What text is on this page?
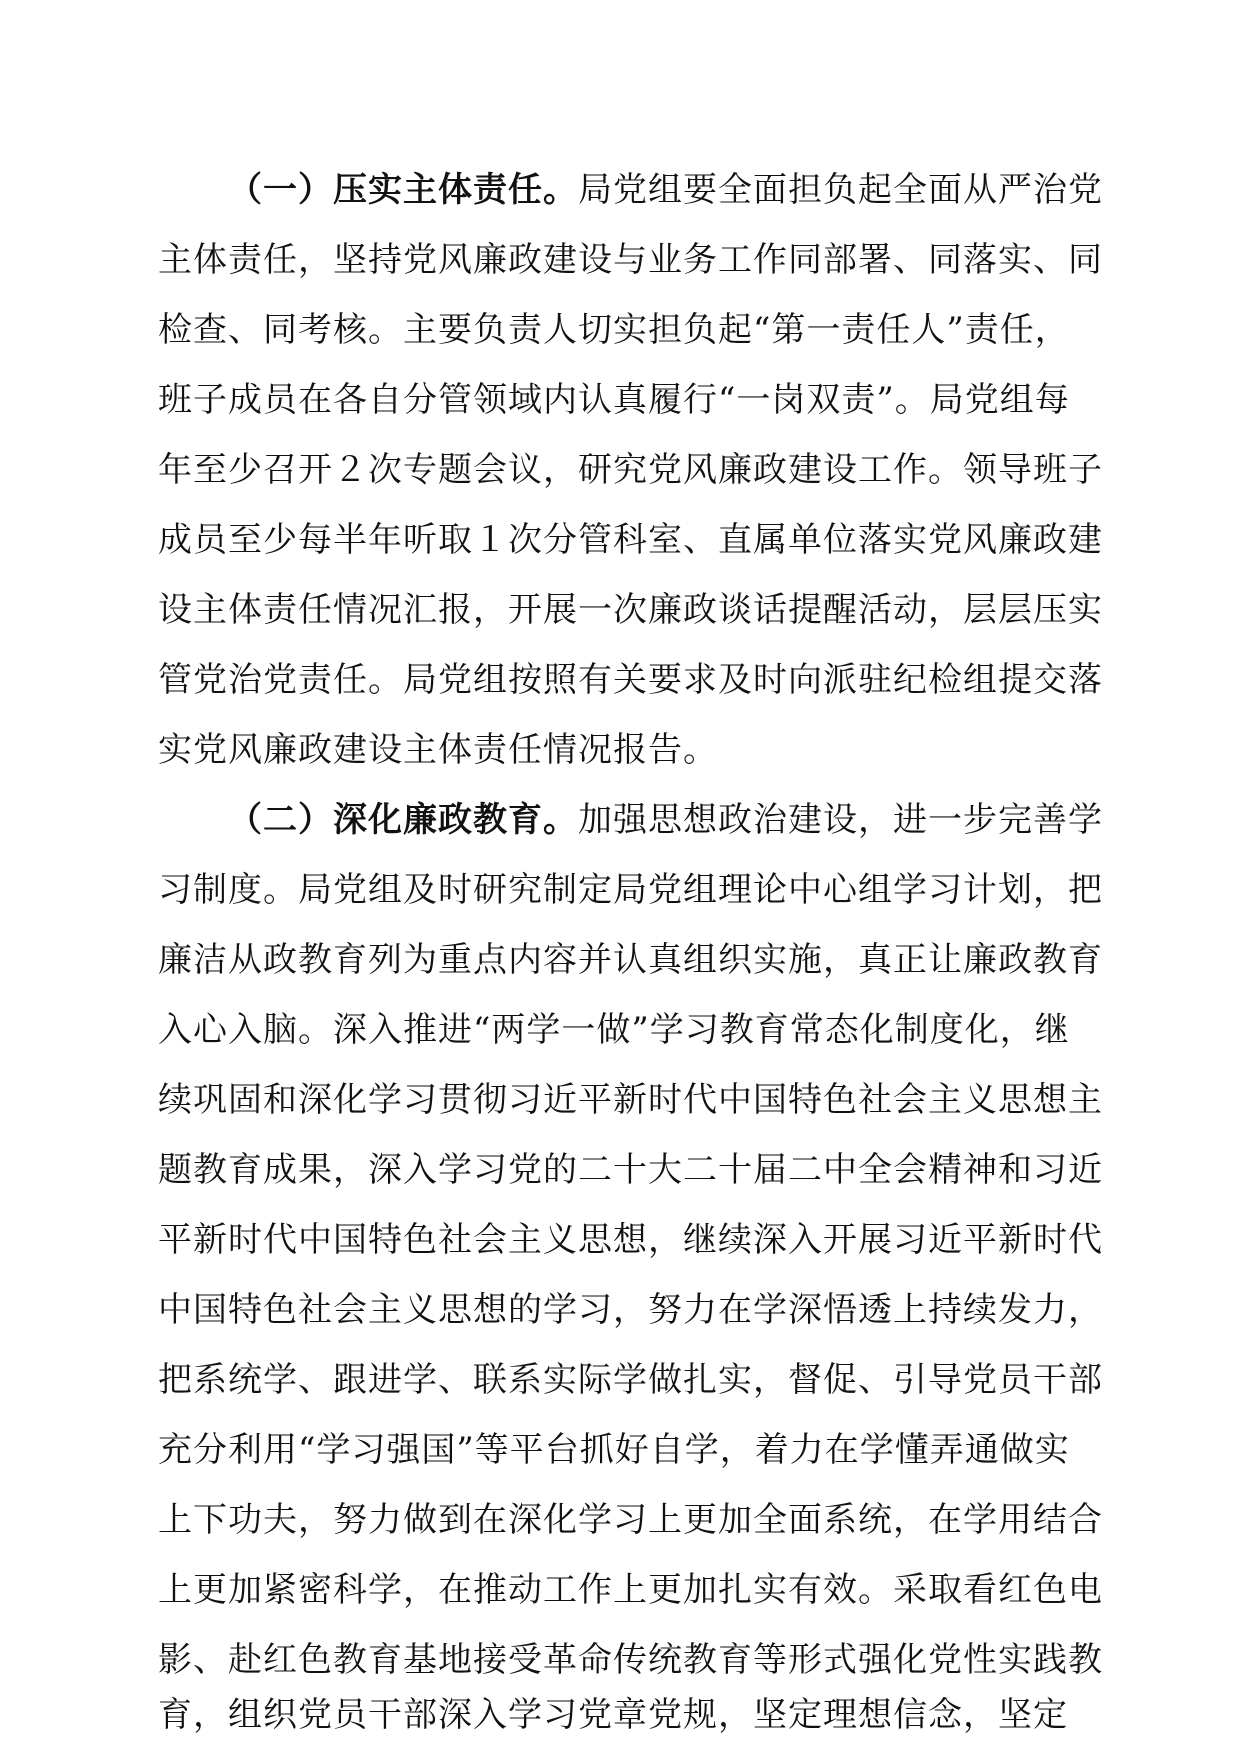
（一）压实主体责任。局党组要全面担负起全面从严治党
主体责任，坚持党风廉政建设与业务工作同部署、同落实、同
检查、同考核。主要负责人切实担负起“第一责任人”责任，
班子成员在各自分管领域内认真履行“一岗双责”。局党组每
年至少召开２次专题会议，研究党风廉政建设工作。领导班子
成员至少每半年听取１次分管科室、直属单位落实党风廉政建
设主体责任情况汇报，开展一次廉政谈话提醒活动，层层压实
管党治党责任。局党组按照有关要求及时向派驻纪检组提交落
实党风廉政建设主体责任情况报告。
（二）深化廉政教育。加强思想政治建设，进一步完善学
习制度。局党组及时研究制定局党组理论中心组学习计划，把
廉洁从政教育列为重点内容并认真组织实施，真正让廉政教育
入心入脑。深入推进“两学一做”学习教育常态化制度化，继
续巩固和深化学习贯彻习近平新时代中国特色社会主义思想主
题教育成果，深入学习党的二十大二十届二中全会精神和习近
平新时代中国特色社会主义思想，继续深入开展习近平新时代
中国特色社会主义思想的学习，努力在学深悟透上持续发力，
把系统学、跟进学、联系实际学做扎实，督促、引导党员干部
充分利用“学习强国”等平台抓好自学，着力在学懂弄通做实
上下功夫，努力做到在深化学习上更加全面系统，在学用结合
上更加紧密科学，在推动工作上更加扎实有效。采取看红色电
影、赴红色教育基地接受革命传统教育等形式强化党性实践教
育，组织党员干部深入学习党章党规，坚定理想信念，坚定
